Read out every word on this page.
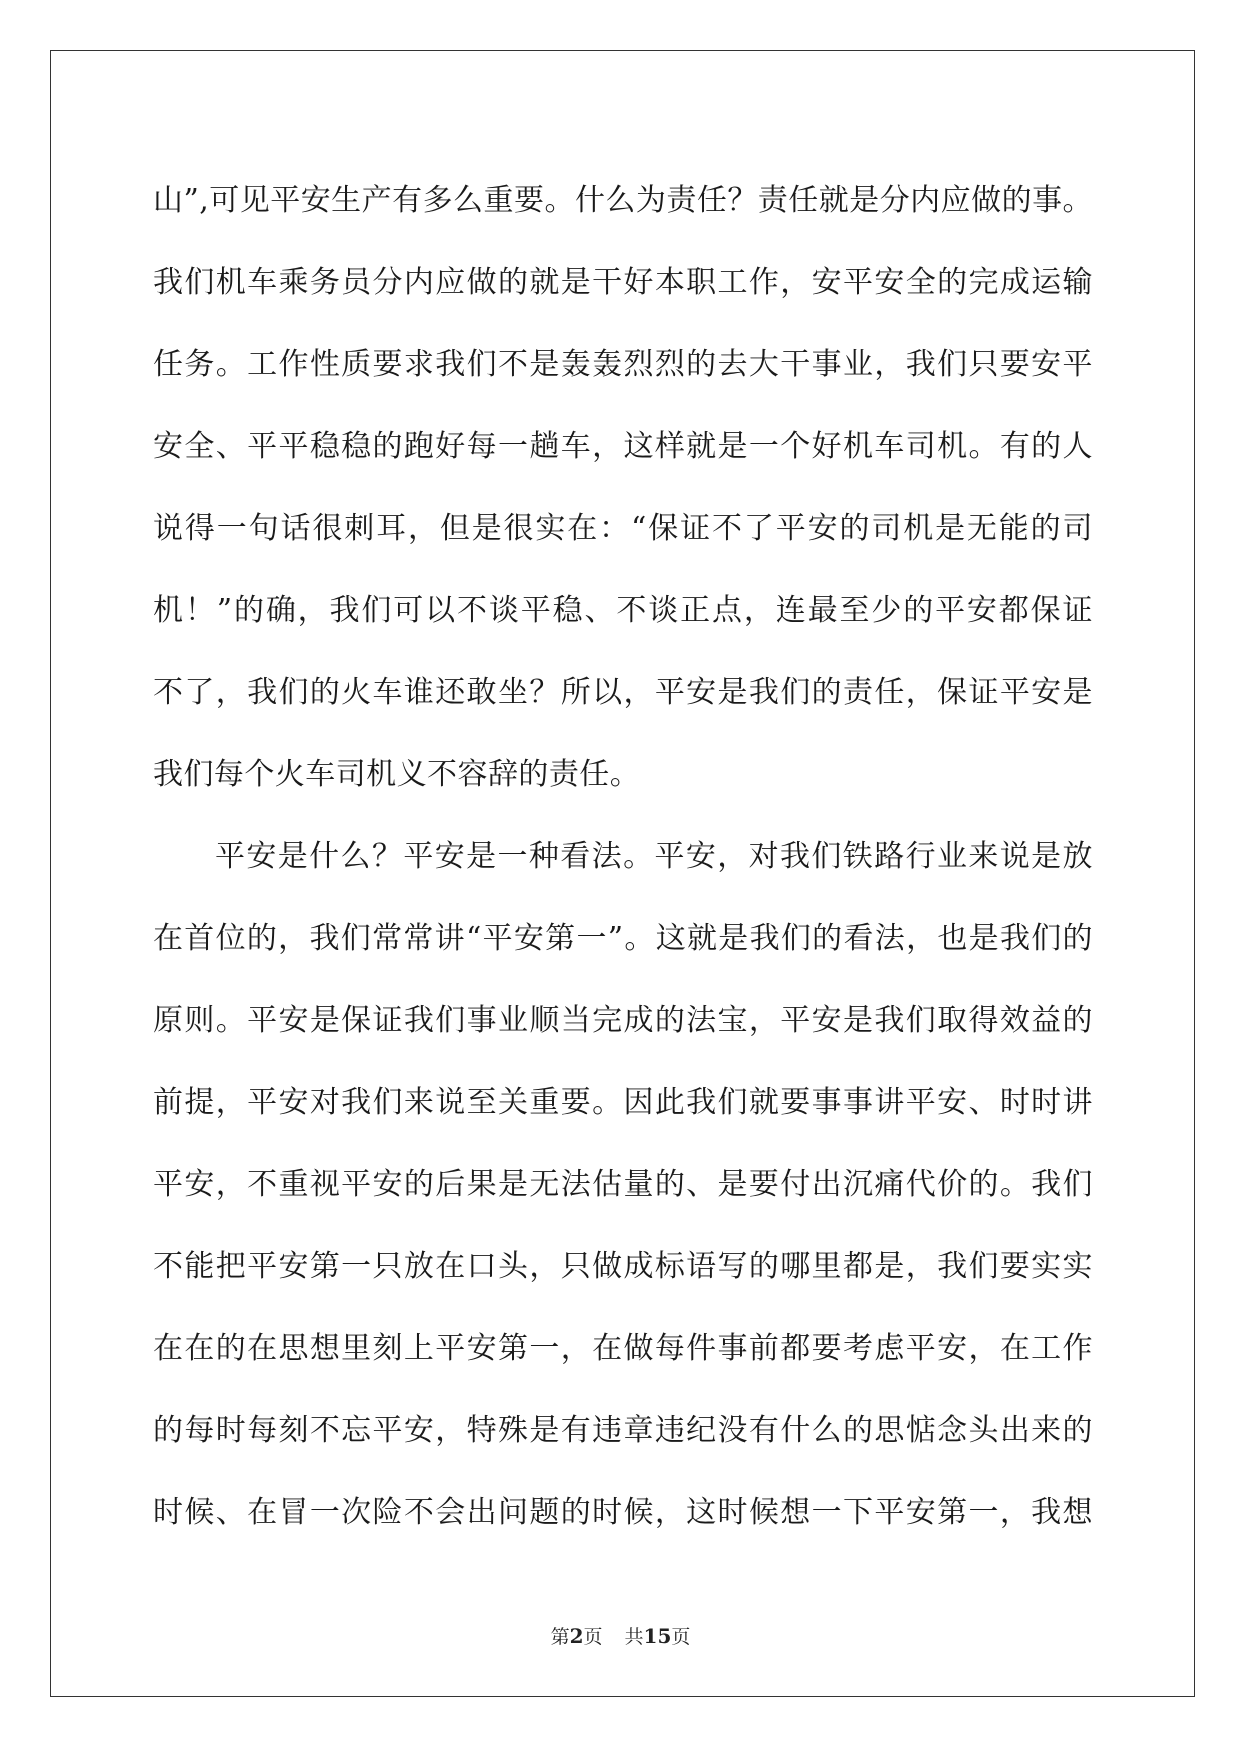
山”,可见平安生产有多么重要。什么为责任？责任就是分内应做的事。
我们机车乘务员分内应做的就是干好本职工作，安平安全的完成运输
任务。工作性质要求我们不是轰轰烈烈的去大干事业，我们只要安平
安全、平平稳稳的跑好每一趟车，这样就是一个好机车司机。有的人
说得一句话很刺耳，但是很实在：“保证不了平安的司机是无能的司
机！”的确，我们可以不谈平稳、不谈正点，连最至少的平安都保证
不了，我们的火车谁还敢坐？所以，平安是我们的责任，保证平安是
我们每个火车司机义不容辞的责任。
平安是什么？平安是一种看法。平安，对我们铁路行业来说是放
在首位的，我们常常讲“平安第一”。这就是我们的看法，也是我们的
原则。平安是保证我们事业顺当完成的法宝，平安是我们取得效益的
前提，平安对我们来说至关重要。因此我们就要事事讲平安、时时讲
平安，不重视平安的后果是无法估量的、是要付出沉痛代价的。我们
不能把平安第一只放在口头，只做成标语写的哪里都是，我们要实实
在在的在思想里刻上平安第一，在做每件事前都要考虑平安，在工作
的每时每刻不忘平安，特殊是有违章违纪没有什么的思惦念头出来的
时候、在冒一次险不会出问题的时候，这时候想一下平安第一，我想
第2页 共15页
